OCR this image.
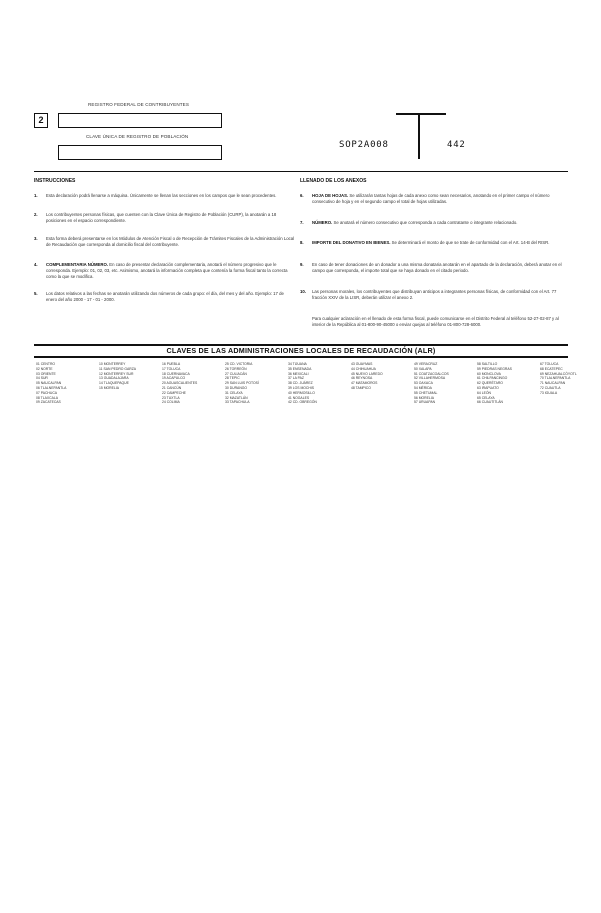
REGISTRO FEDERAL DE CONTRIBUYENTES
2
CLAVE ÚNICA DE REGISTRO DE POBLACIÓN
SOP2A008	442
INSTRUCCIONES
1. Esta declaración podrá llenarse a máquina. Únicamente se llenan las secciones en los campos que le sean procedentes.
2. Los contribuyentes personas físicas, que cuenten con la Clave Única de Registro de Población (CURP), la anotarán a 18 posiciones en el espacio correspondiente.
3. Esta forma deberá presentarse en los Módulos de Atención Fiscal o de Recepción de Trámites Fiscales de la Administración Local de Recaudación que corresponda al domicilio fiscal del contribuyente.
4. COMPLEMENTARIA NÚMERO. En caso de presentar declaración complementaria, anotará el número progresivo que le corresponda. Ejemplo: 01, 02, 03, etc. Asimismo, anotará la información completa que contenía la forma fiscal tanto la correcta como la que se modifica.
5. Los datos relativos a las fechas se anotarán utilizando dos números de cada grupo: el día, del mes y del año. Ejemplo: 17 de enero del año 2000 - 17 - 01 - 2000.
LLENADO DE LOS ANEXOS
6. HOJA DE HOJAS. Se utilizarán tantas hojas de cada anexo como sean necesarios, anotando en el primer campo el número consecutivo de hoja y en el segundo campo el total de hojas utilizadas.
7. NÚMERO. Se anotará el número consecutivo que corresponda a cada contratante o integrante relacionado.
8. IMPORTE DEL DONATIVO EN BIENES. Se determinará el monto de que se trate de conformidad con el Art. 14-B del RISR.
9. En caso de tener donaciones de un donador a una misma donataria anotarán en el apartado de la declaración, deberá anotar en el campo que corresponda, el importe total que se haya donado en el citado periodo.
10. Las personas morales, los contribuyentes que distribuyan anticipos a integrantes personas físicas, de conformidad con el Art. 77 fracción XXIV de la LISR, deberán utilizar el anexo 2.
Para cualquier aclaración en el llenado de esta forma fiscal, puede comunicarse en el Distrito Federal al teléfono 52-27-02-87 y al interior de la República al 01-800-90-45000 o enviar quejas al teléfono 01-800-728-6000.
CLAVES DE LAS ADMINISTRACIONES LOCALES DE RECAUDACIÓN (ALR)
01 CENTRO
02 NORTE
03 ORIENTE
04 SUR
05 NAUCALPAN
06 TLALNEPANTLA
07 PACHUCA
08 TLAXCALA
09 ZACATECAS
10 MONTERREY
11 SAN PEDRO GARZA
12 MONTERREY SUR
13 GUADALAJARA
14 TLAQUEPAQUE
15 MORELIA
16 PUEBLA
17 TOLUCA
18 CUERNAVACA
19 ACAPULCO
20 AGUASCALIENTES
21 CANCÚN
22 CAMPECHE
23 TUXTLA
24 COLIMA
25 CD. VICTORIA
26 TORREÓN
27 CULIACÁN
28 TEPIC
29 SAN LUIS POTOSÍ
30 DURANGO
31 CELAYA
32 MAZATLÁN
33 TAPACHULA
34 TIJUANA
35 ENSENADA
36 MEXICALI
37 LA PAZ
38 CD. JUÁREZ
39 LOS MOCHIS
40 HERMOSILLO
41 NOGALES
42 CD. OBREGÓN
43 GUAYMAS
44 CHIHUAHUA
45 NUEVO LAREDO
46 REYNOSA
47 MATAMOROS
48 TAMPICO
49 VERACRUZ
50 XALAPA
51 COATZACOALCOS
52 VILLAHERMOSA
53 OAXACA
54 MÉRIDA
55 CHETUMAL
56 MORELIA
57 URUAPAN
58 SALTILLO
59 PIEDRAS NEGRAS
60 MONCLOVA
61 CHILPANCINGO
62 QUERÉTARO
63 IRAPUATO
64 LEÓN
65 CELAYA
66 CUAUTITLÁN
67 TOLUCA
68 ECATEPEC
69 NEZAHUALCÓYOTL
70 TLALNEPANTLA
71 NAUCALPAN
72 CUAUTLA
73 IGUALA
